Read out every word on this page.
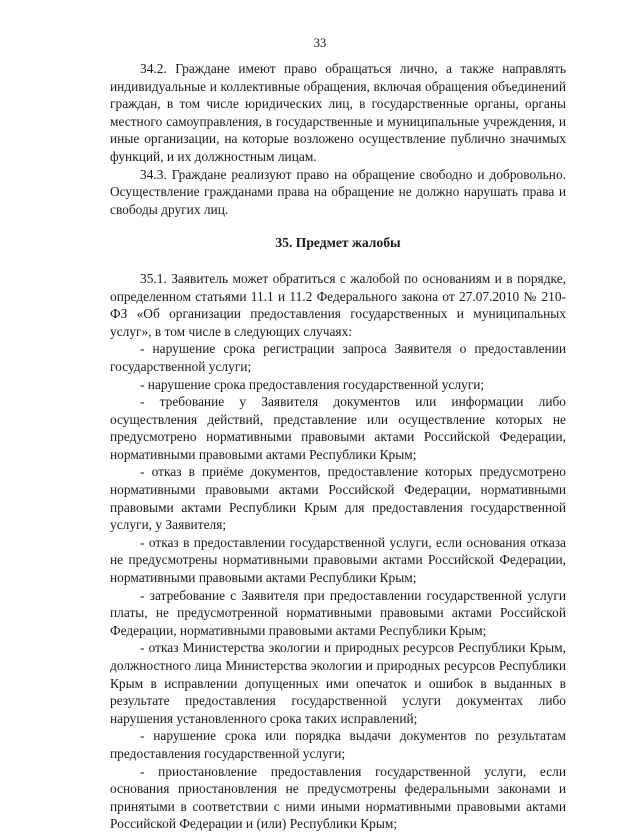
33

34.2. Граждане имеют право обращаться лично, а также направлять индивидуальные и коллективные обращения, включая обращения объединений граждан, в том числе юридических лиц, в государственные органы, органы местного самоуправления, в государственные и муниципальные учреждения, и иные организации, на которые возложено осуществление публично значимых функций, и их должностным лицам.

34.3. Граждане реализуют право на обращение свободно и добровольно. Осуществление гражданами права на обращение не должно нарушать права и свободы других лиц.

35. Предмет жалобы

35.1. Заявитель может обратиться с жалобой по основаниям и в порядке, определенном статьями 11.1 и 11.2 Федерального закона от 27.07.2010 № 210-ФЗ «Об организации предоставления государственных и муниципальных услуг», в том числе в следующих случаях:

- нарушение срока регистрации запроса Заявителя о предоставлении государственной услуги;

- нарушение срока предоставления государственной услуги;

- требование у Заявителя документов или информации либо осуществления действий, представление или осуществление которых не предусмотрено нормативными правовыми актами Российской Федерации, нормативными правовыми актами Республики Крым;

- отказ в приёме документов, предоставление которых предусмотрено нормативными правовыми актами Российской Федерации, нормативными правовыми актами Республики Крым для предоставления государственной услуги, у Заявителя;

- отказ в предоставлении государственной услуги, если основания отказа не предусмотрены нормативными правовыми актами Российской Федерации, нормативными правовыми актами Республики Крым;

- затребование с Заявителя при предоставлении государственной услуги платы, не предусмотренной нормативными правовыми актами Российской Федерации, нормативными правовыми актами Республики Крым;

- отказ Министерства экологии и природных ресурсов Республики Крым, должностного лица Министерства экологии и природных ресурсов Республики Крым в исправлении допущенных ими опечаток и ошибок в выданных в результате предоставления государственной услуги документах либо нарушения установленного срока таких исправлений;

- нарушение срока или порядка выдачи документов по результатам предоставления государственной услуги;

- приостановление предоставления государственной услуги, если основания приостановления не предусмотрены федеральными законами и принятыми в соответствии с ними иными нормативными правовыми актами Российской Федерации и (или) Республики Крым;
